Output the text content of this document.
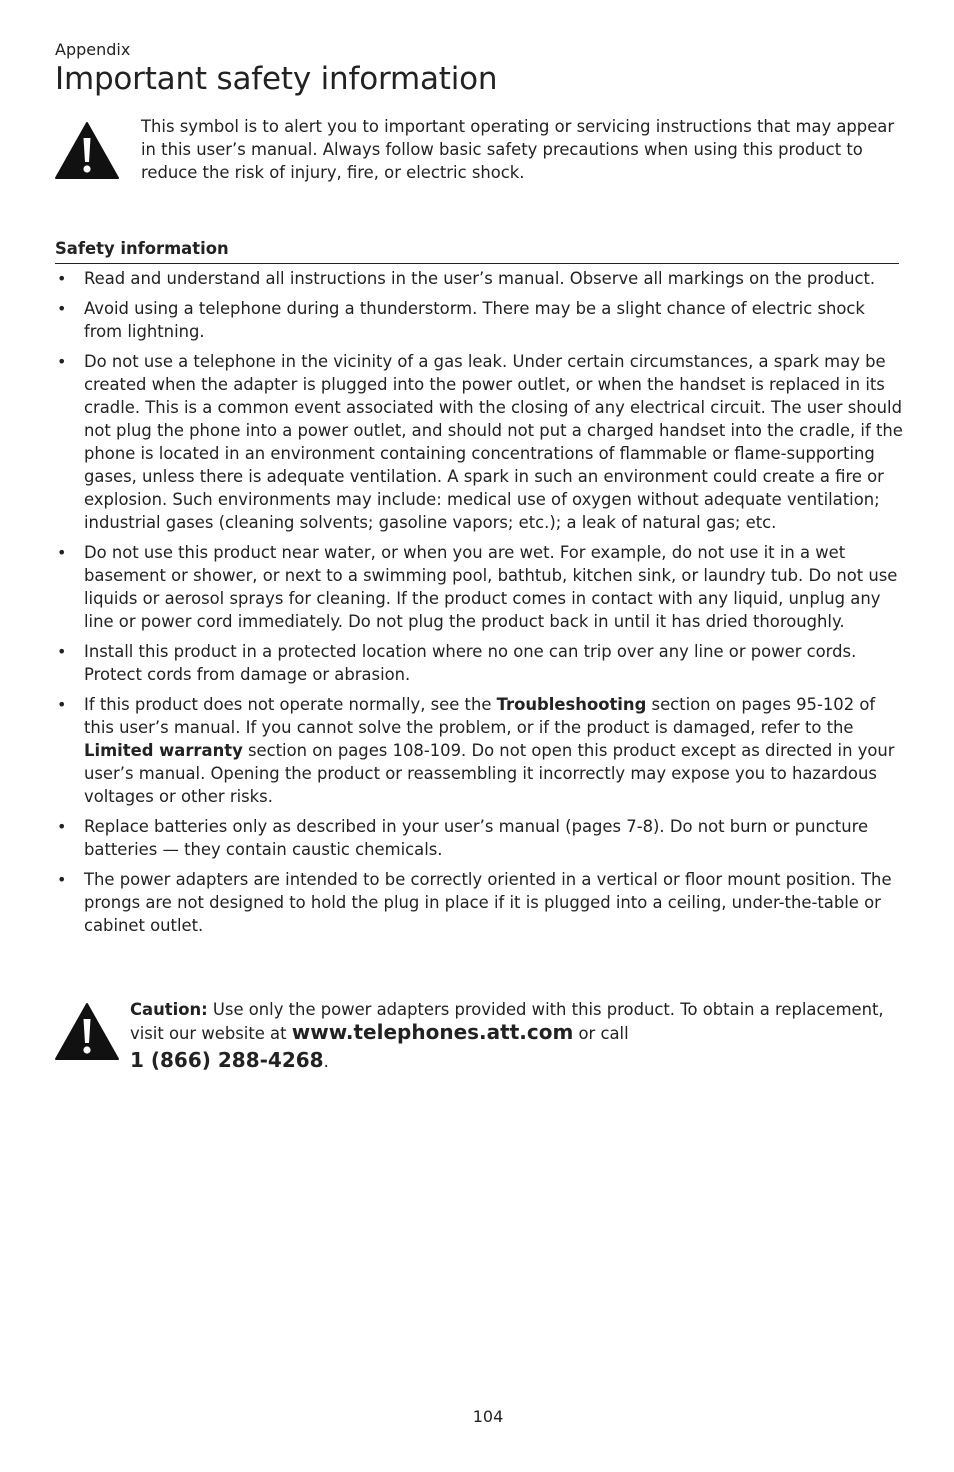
Appendix
Important safety information

This symbol is to alert you to important operating or servicing instructions that may appear in this user’s manual. Always follow basic safety precautions when using this product to reduce the risk of injury, fire, or electric shock.

Safety information
• Read and understand all instructions in the user’s manual. Observe all markings on the product.
• Avoid using a telephone during a thunderstorm. There may be a slight chance of electric shock from lightning.
• Do not use a telephone in the vicinity of a gas leak. Under certain circumstances, a spark may be created when the adapter is plugged into the power outlet, or when the handset is replaced in its cradle. This is a common event associated with the closing of any electrical circuit. The user should not plug the phone into a power outlet, and should not put a charged handset into the cradle, if the phone is located in an environment containing concentrations of flammable or flame-supporting gases, unless there is adequate ventilation. A spark in such an environment could create a fire or explosion. Such environments may include: medical use of oxygen without adequate ventilation; industrial gases (cleaning solvents; gasoline vapors; etc.); a leak of natural gas; etc.
• Do not use this product near water, or when you are wet. For example, do not use it in a wet basement or shower, or next to a swimming pool, bathtub, kitchen sink, or laundry tub. Do not use liquids or aerosol sprays for cleaning. If the product comes in contact with any liquid, unplug any line or power cord immediately. Do not plug the product back in until it has dried thoroughly.
• Install this product in a protected location where no one can trip over any line or power cords. Protect cords from damage or abrasion.
• If this product does not operate normally, see the Troubleshooting section on pages 95-102 of this user’s manual. If you cannot solve the problem, or if the product is damaged, refer to the Limited warranty section on pages 108-109. Do not open this product except as directed in your user’s manual. Opening the product or reassembling it incorrectly may expose you to hazardous voltages or other risks.
• Replace batteries only as described in your user’s manual (pages 7-8). Do not burn or puncture batteries — they contain caustic chemicals.
• The power adapters are intended to be correctly oriented in a vertical or floor mount position. The prongs are not designed to hold the plug in place if it is plugged into a ceiling, under-the-table or cabinet outlet.
Caution: Use only the power adapters provided with this product. To obtain a replacement, visit our website at www.telephones.att.com or call
1 (866) 288-4268.
104
